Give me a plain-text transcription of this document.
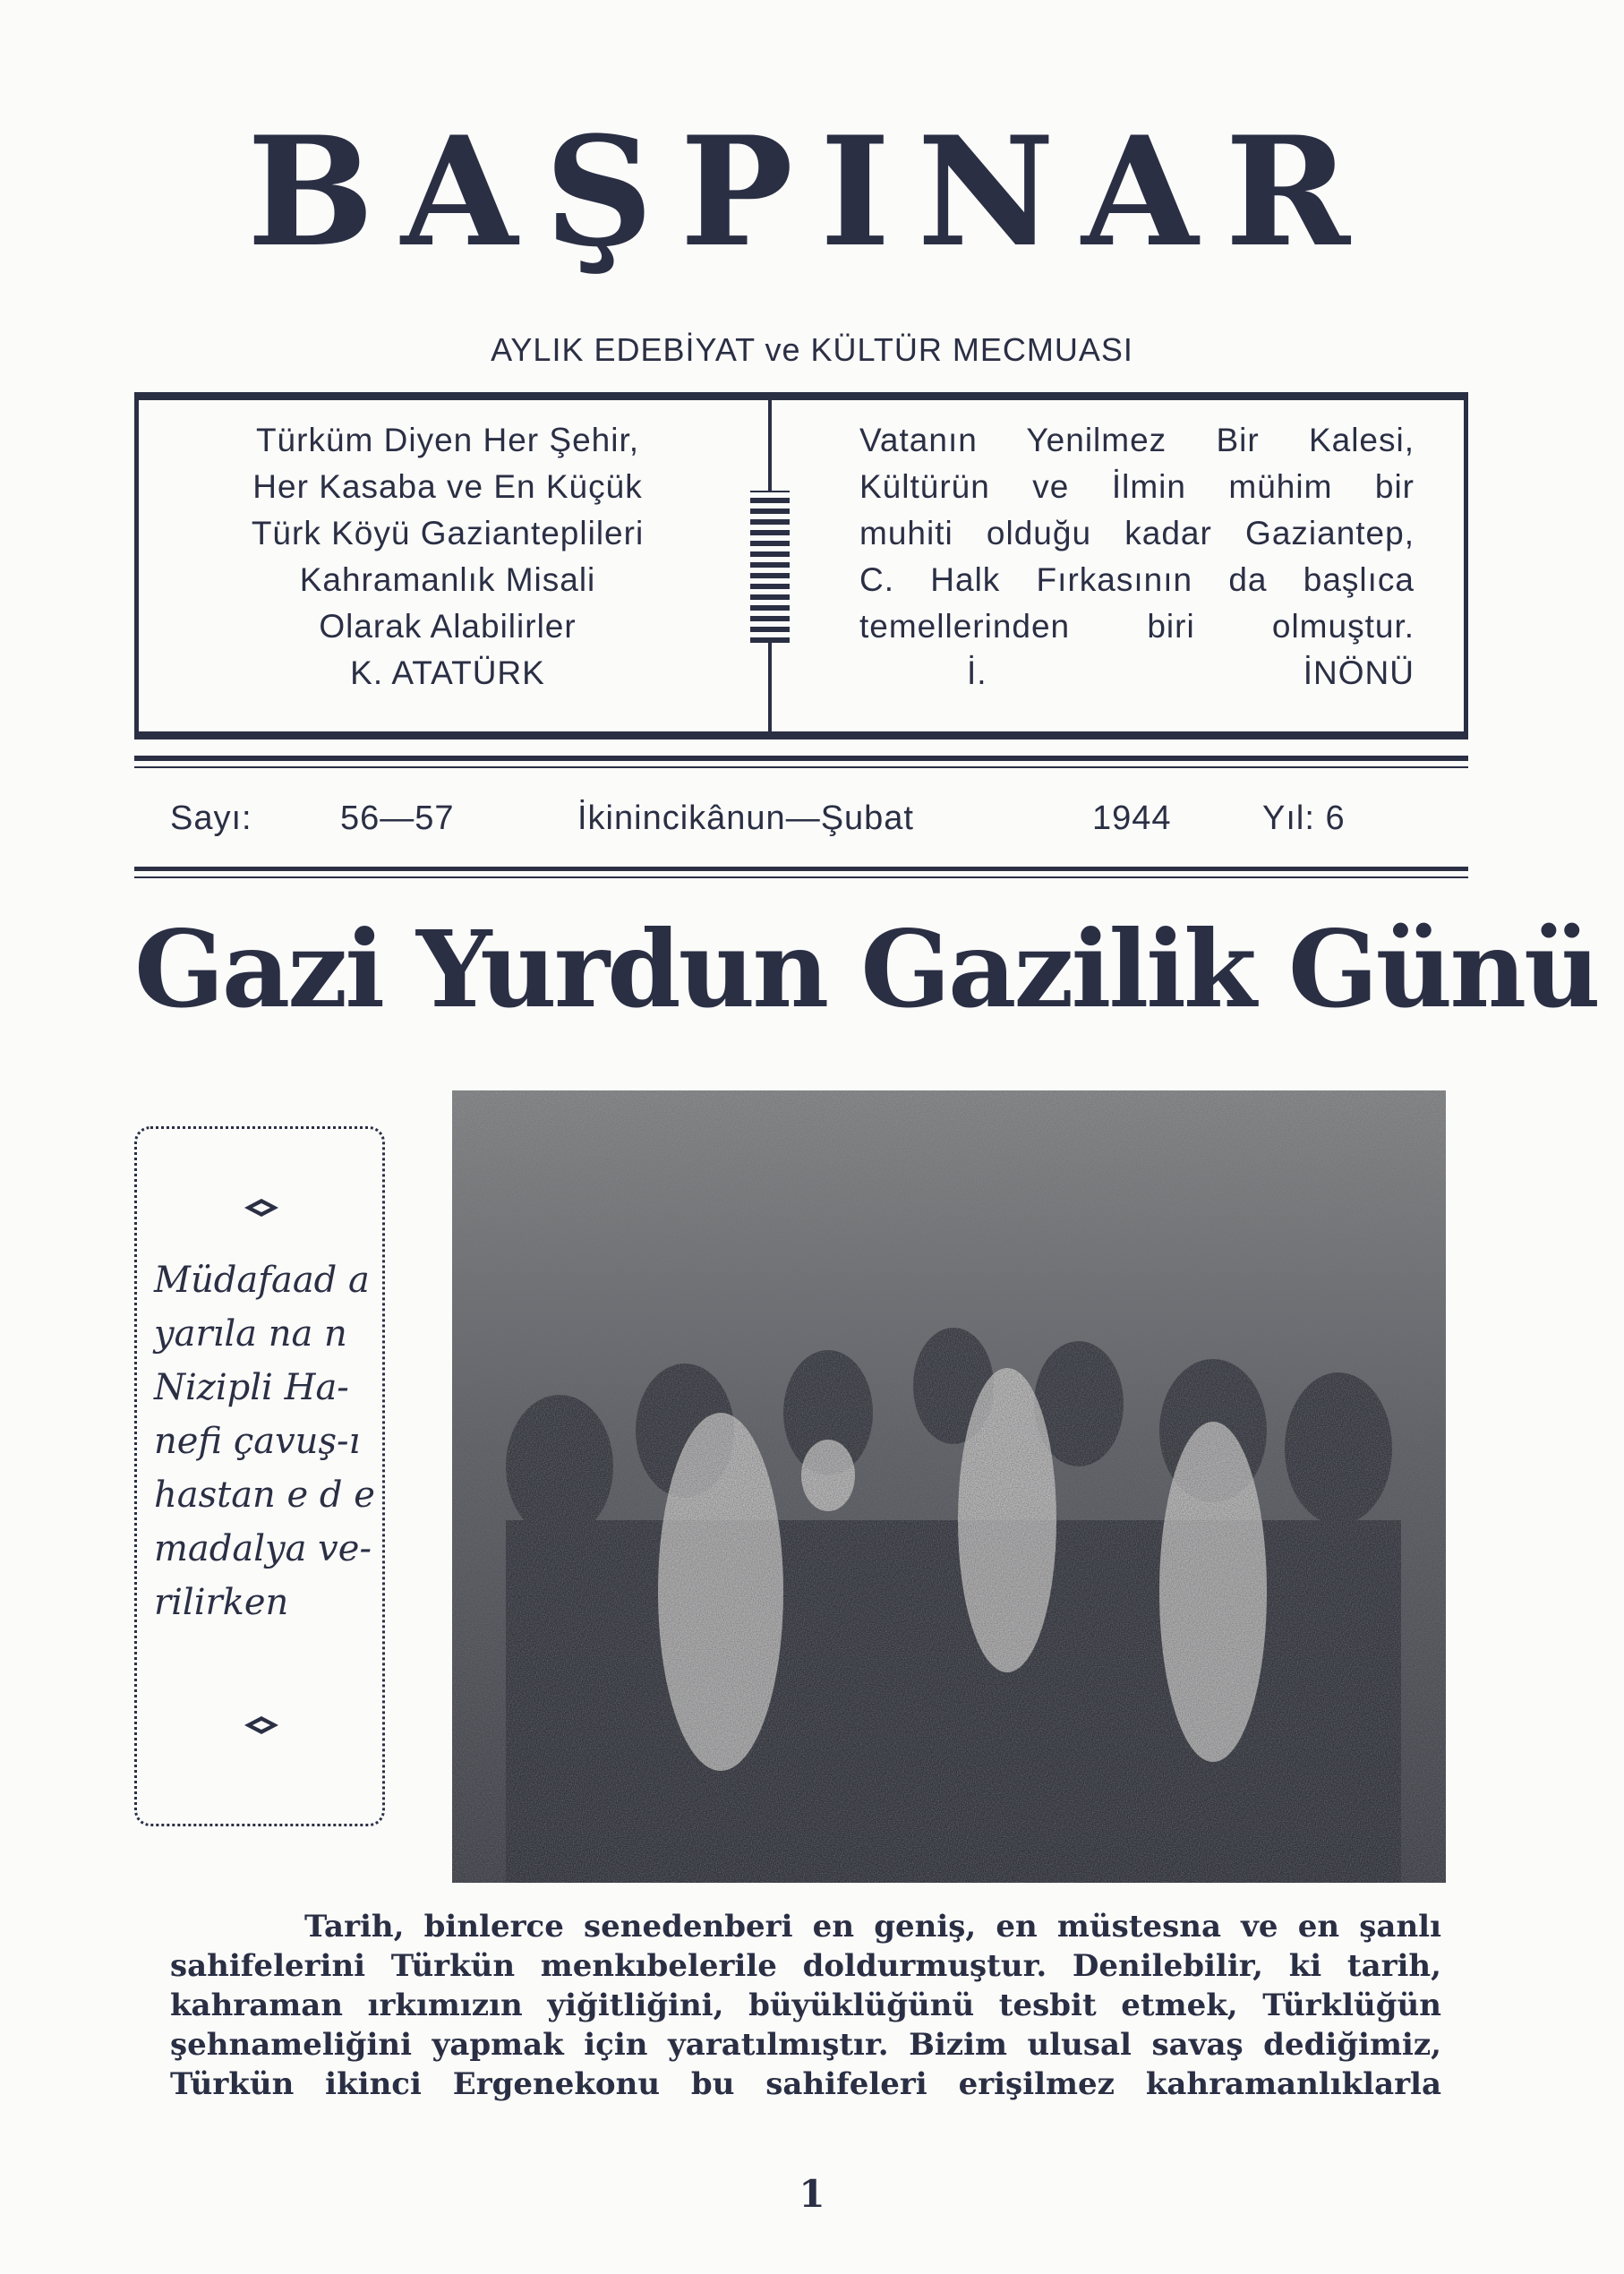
BAŞPINAR
AYLIK EDEBİYAT ve KÜLTÜR MECMUASI
Türküm Diyen Her Şehir,
Her Kasaba ve En Küçük
Türk Köyü Gazianteplileri
Kahramanlık Misali
Olarak Alabilirler
K. ATATÜRK
Vatanın Yenilmez Bir Kalesi,
Kültürün ve İlmin mühim bir
muhiti olduğu kadar Gaziantep,
C. Halk Fırkasının da başlıca
temellerinden biri olmuştur.
İ. İNÖNÜ
Sayı:	56—57	İkinincikânun—Şubat	1944	Yıl: 6
Gazi Yurdun Gazilik Günü
Müdafaad a
yarıla na n
Nizipli Ha-
nefi çavuş-ı
hastan e d e
madalya ve-
rilirken
Tarih, binlerce senedenberi en geniş, en müstesna ve en şanlı
sahifelerini Türkün menkıbelerile doldurmuştur. Denilebilir, ki tarih,
kahraman ırkımızın yiğitliğini, büyüklüğünü tesbit etmek, Türklüğün
şehnameliğini yapmak için yaratılmıştır. Bizim ulusal savaş dediğimiz,
Türkün ikinci Ergenekonu bu sahifeleri erişilmez kahramanlıklarla
1
